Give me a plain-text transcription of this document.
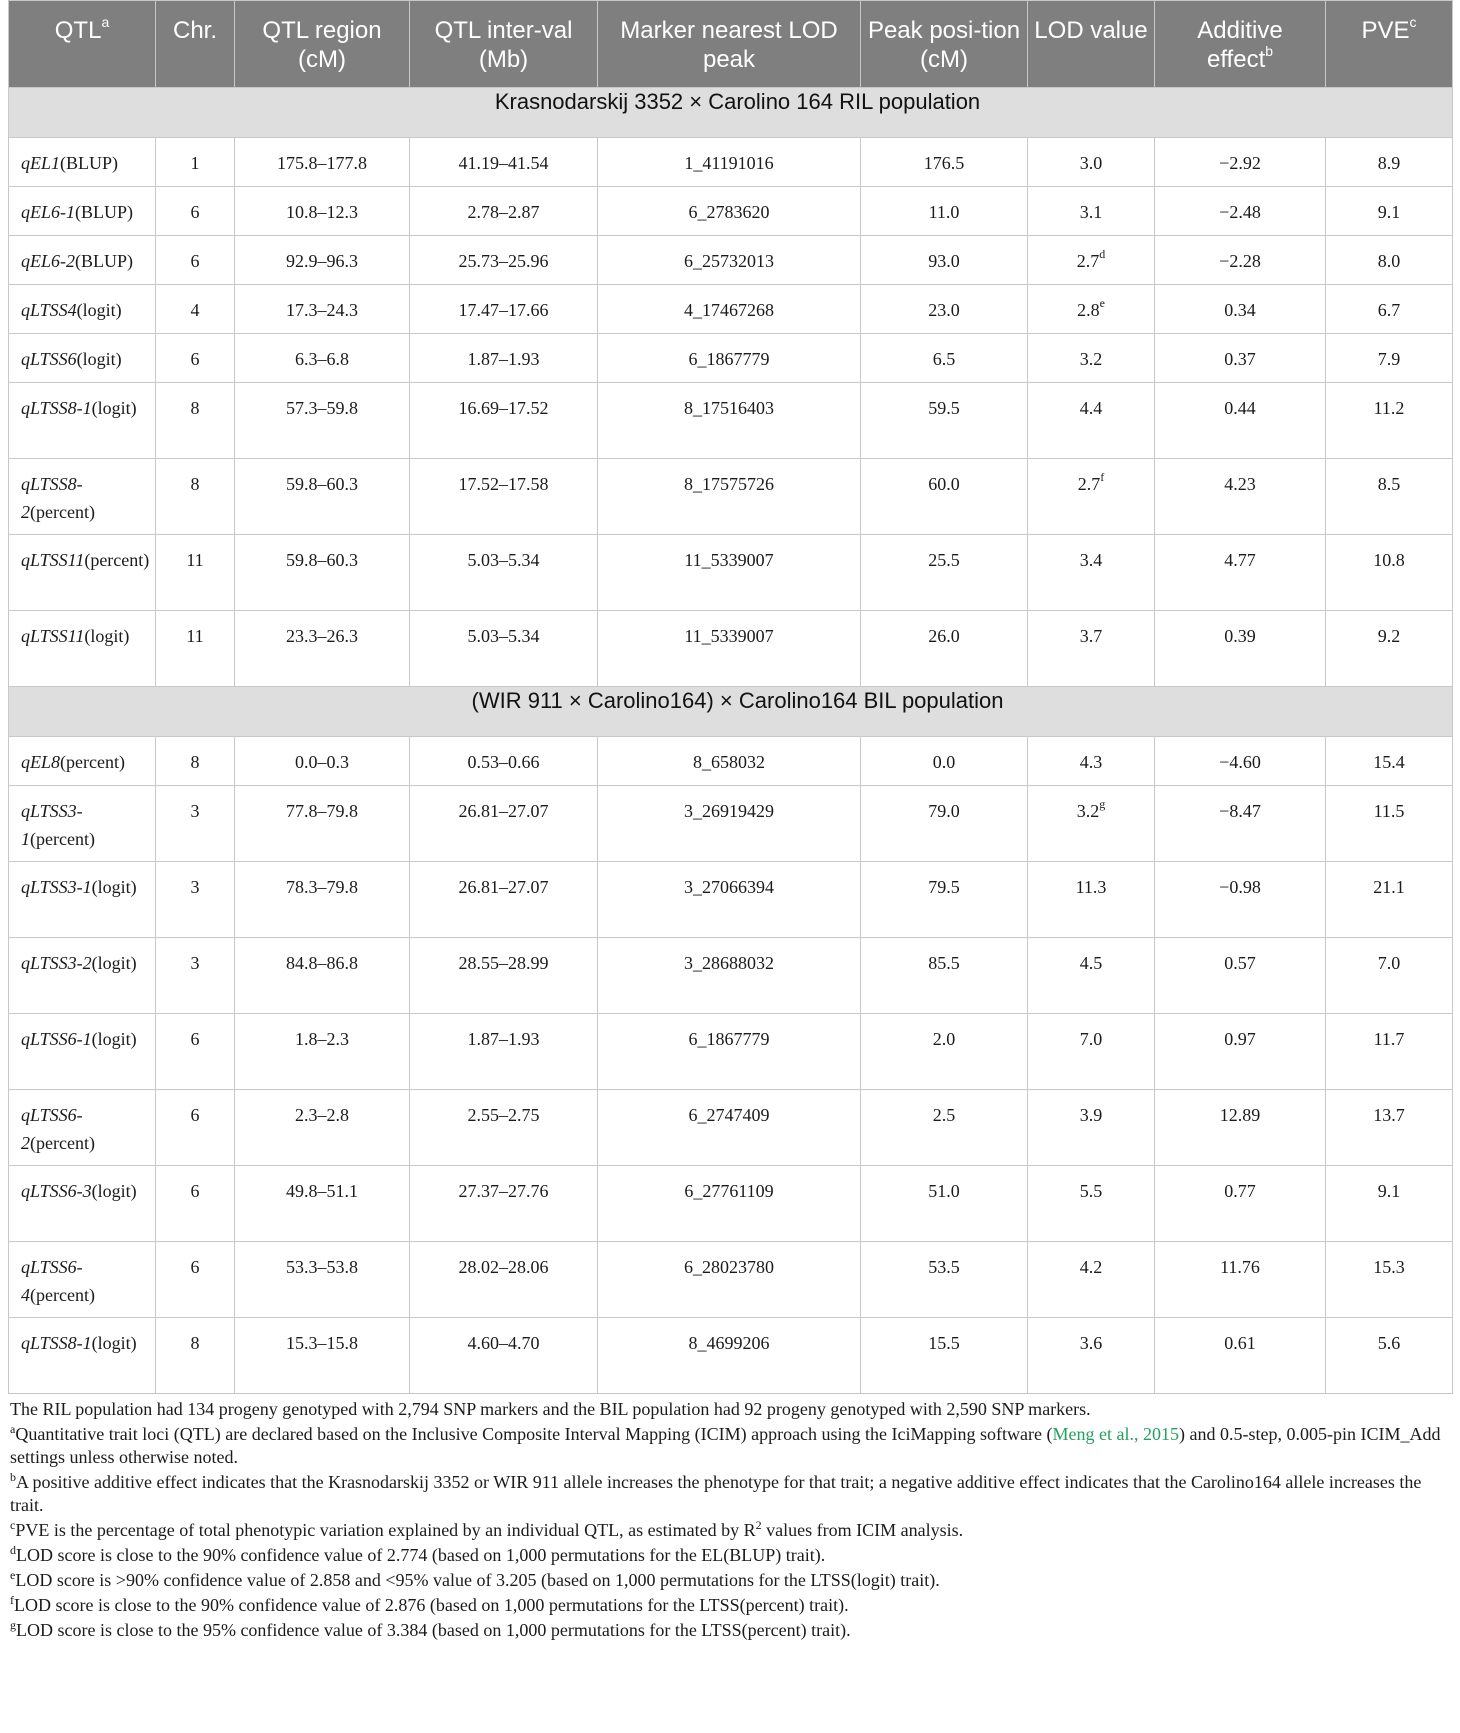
QTL$^a$	Chr.	QTL region (cM)	QTL inter-val (Mb)	Marker nearest LOD peak	Peak posi-tion (cM)	LOD value	Additive effect$^b$	PVE$^c$
Krasnodarskij 3352 × Carolino 164 RIL population								
qEL1(BLUP)	1	175.8–177.8	41.19–41.54	1_41191016	176.5	3.0	−2.92	8.9
qEL6-1(BLUP)	6	10.8–12.3	2.78–2.87	6_2783620	11.0	3.1	−2.48	9.1
qEL6-2(BLUP)	6	92.9–96.3	25.73–25.96	6_25732013	93.0	2.7$^d$	−2.28	8.0
qLTSS4(logit)	4	17.3–24.3	17.47–17.66	4_17467268	23.0	2.8e	0.34	6.7
qLTSS6(logit)	6	6.3–6.8	1.87–1.93	6_1867779	6.5	3.2	0.37	7.9
qLTSS8-1(logit)	8	57.3–59.8	16.69–17.52	8_17516403	59.5	4.4	0.44	11.2
qLTSS8-2(percent)	8	59.8–60.3	17.52–17.58	8_17575726	60.0	2.7$^f$	4.23	8.5
qLTSS11(percent)	11	59.8–60.3	5.03–5.34	11_5339007	25.5	3.4	4.77	10.8
qLTSS11(logit)	11	23.3–26.3	5.03–5.34	11_5339007	26.0	3.7	0.39	9.2
(WIR 911 × Carolino164) × Carolino164 BIL population								
qEL8(percent)	8	0.0–0.3	0.53–0.66	8_658032	0.0	4.3	−4.60	15.4
qLTSS3-1(percent)	3	77.8–79.8	26.81–27.07	3_26919429	79.0	3.2$^g$	−8.47	11.5
qLTSS3-1(logit)	3	78.3–79.8	26.81–27.07	3_27066394	79.5	11.3	−0.98	21.1
qLTSS3-2(logit)	3	84.8–86.8	28.55–28.99	3_28688032	85.5	4.5	0.57	7.0
qLTSS6-1(logit)	6	1.8–2.3	1.87–1.93	6_1867779	2.0	7.0	0.97	11.7
qLTSS6-2(percent)	6	2.3–2.8	2.55–2.75	6_2747409	2.5	3.9	12.89	13.7
qLTSS6-3(logit)	6	49.8–51.1	27.37–27.76	6_27761109	51.0	5.5	0.77	9.1
qLTSS6-4(percent)	6	53.3–53.8	28.02–28.06	6_28023780	53.5	4.2	11.76	15.3
qLTSS8-1(logit)	8	15.3–15.8	4.60–4.70	8_4699206	15.5	3.6	0.61	5.6

The RIL population had 134 progeny genotyped with 2,794 SNP markers and the BIL population had 92 progeny genotyped with 2,590 SNP markers.

$^a$Quantitative trait loci (QTL) are declared based on the Inclusive Composite Interval Mapping (ICIM) approach using the IciMapping software (Meng et al., 2015) and 0.5-step, 0.005-pin ICIM_Add settings unless otherwise noted.

$^b$A positive additive effect indicates that the Krasnodarskij 3352 or WIR 911 allele increases the phenotype for that trait; a negative additive effect indicates that the Carolino164 allele increases the trait.

$^c$PVE is the percentage of total phenotypic variation explained by an individual QTL, as estimated by $R^2$ values from ICIM analysis.

$^d$LOD score is close to the 90% confidence value of 2.774 (based on 1,000 permutations for the EL(BLUP) trait).

$^e$LOD score is >90% confidence value of 2.858 and <95% value of 3.205 (based on 1,000 permutations for the LTSS(logit) trait).

$^f$LOD score is close to the 90% confidence value of 2.876 (based on 1,000 permutations for the LTSS(percent) trait).

$^g$LOD score is close to the 95% confidence value of 3.384 (based on 1,000 permutations for the LTSS(percent) trait).
